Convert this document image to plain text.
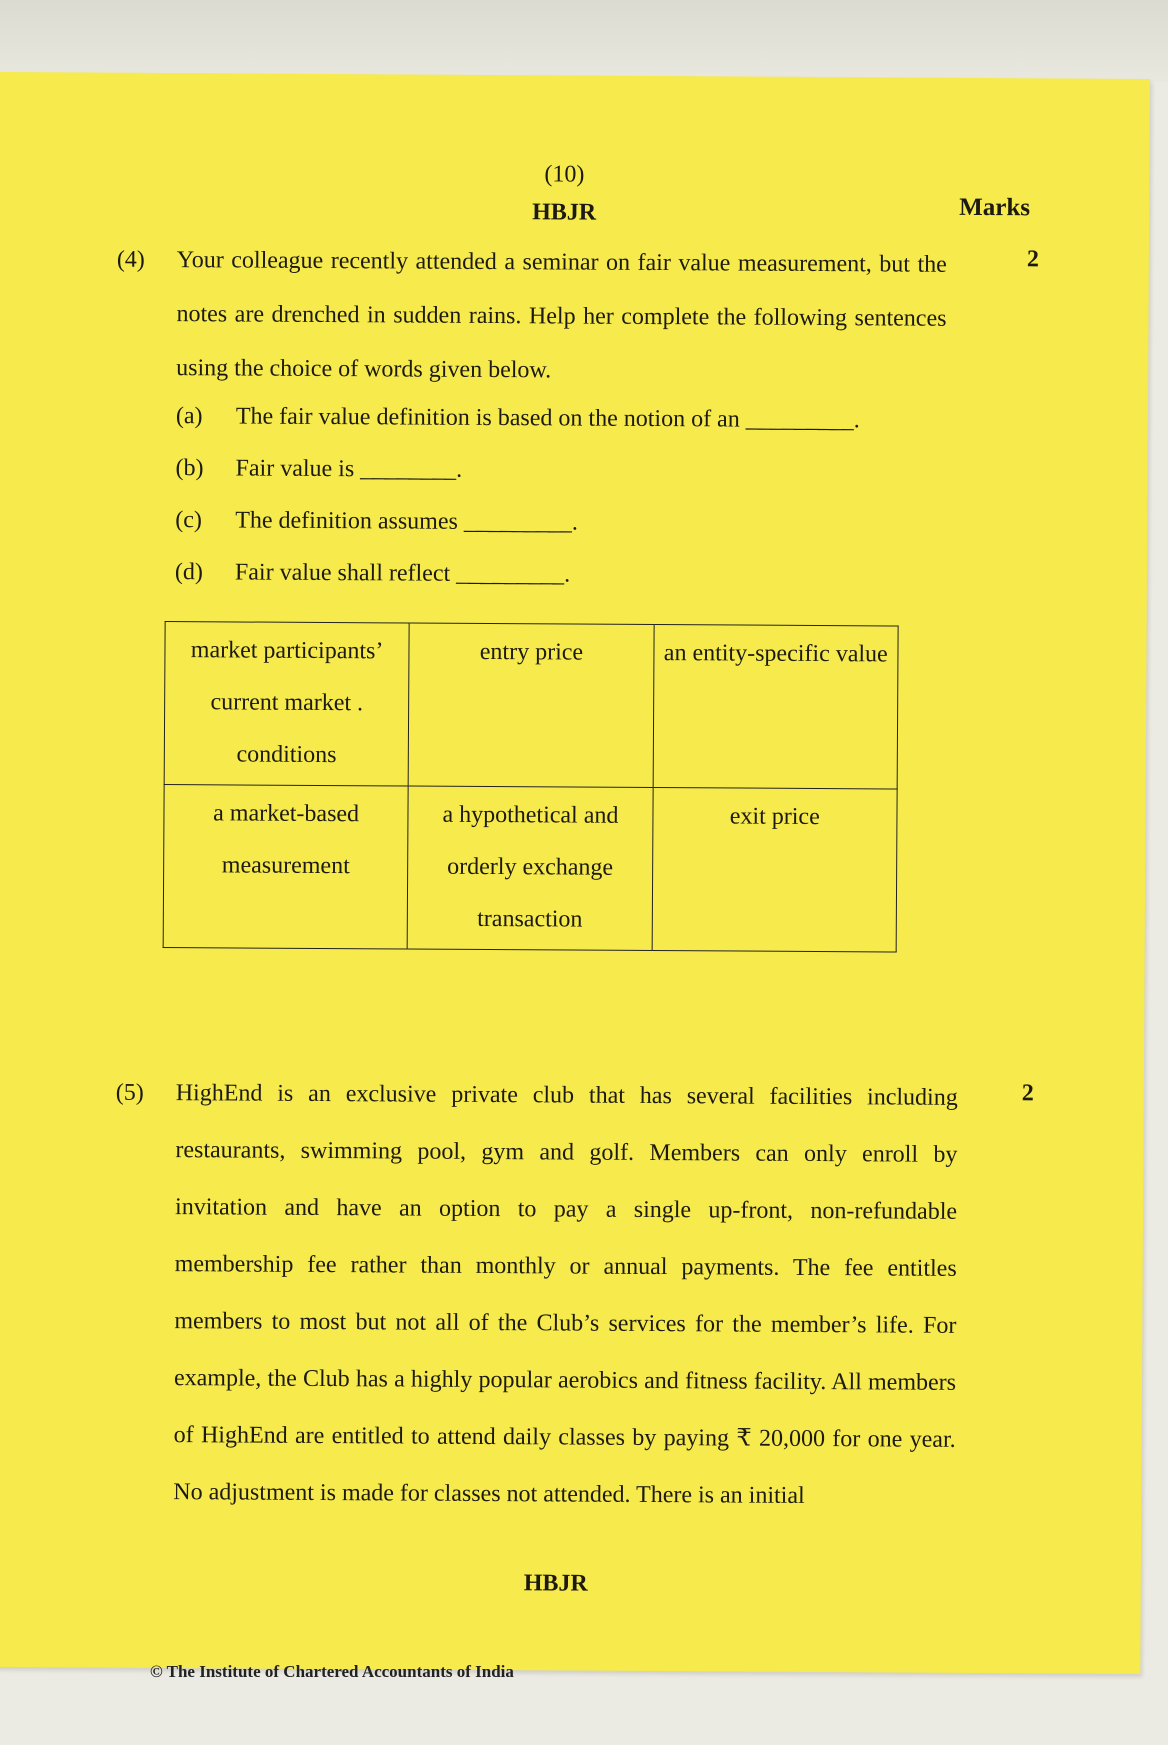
(10)
HBJR	Marks
(4)	2
Your colleague recently attended a seminar on fair value measurement, but the notes are drenched in sudden rains. Help her complete the following sentences using the choice of words given below.
(a) The fair value definition is based on the notion of an _________.
(b) Fair value is ________.
(c) The definition assumes _________.
(d) Fair value shall reflect _________.
market participants’ current market . conditions	entry price	an entity-specific value
a market-based measurement	a hypothetical and orderly exchange transaction	exit price
(5)	2
HighEnd is an exclusive private club that has several facilities including restaurants, swimming pool, gym and golf. Members can only enroll by invitation and have an option to pay a single up-front, non-refundable membership fee rather than monthly or annual payments. The fee entitles members to most but not all of the Club’s services for the member’s life. For example, the Club has a highly popular aerobics and fitness facility. All members of HighEnd are entitled to attend daily classes by paying ₹ 20,000 for one year. No adjustment is made for classes not attended. There is an initial
HBJR
© The Institute of Chartered Accountants of India
